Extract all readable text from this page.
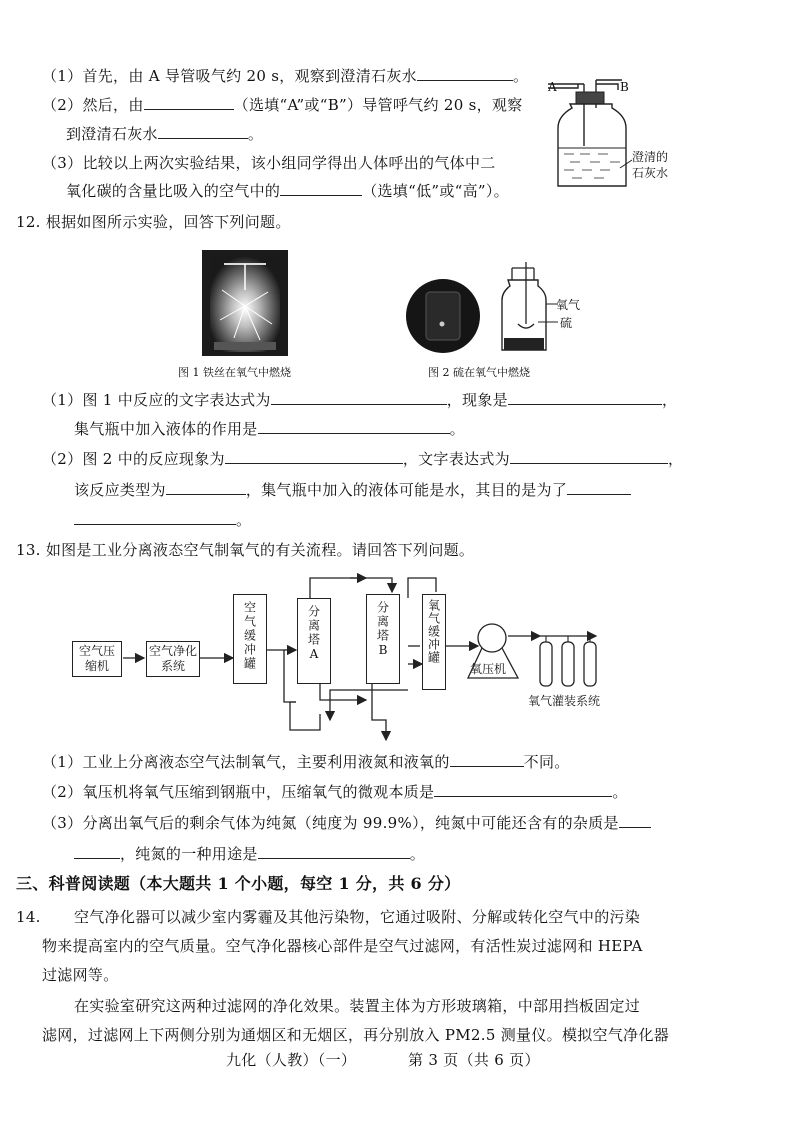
（1）首先，由 A 导管吸气约 20 s，观察到澄清石灰水	。
（2）然后，由	（选填“A”或“B”）导管呼气约 20 s，观察
到澄清石灰水	。
（3）比较以上两次实验结果，该小组同学得出人体呼出的气体中二
氧化碳的含量比吸入的空气中的	（选填“低”或“高”）。
A	B
澄清的
石灰水
12. 根据如图所示实验，回答下列问题。
图 1 铁丝在氧气中燃烧
氧气
硫
图 2 硫在氧气中燃烧
（1）图 1 中反应的文字表达式为	，现象是	，
集气瓶中加入液体的作用是	。
（2）图 2 中的反应现象为	，文字表达式为	，
该反应类型为	，集气瓶中加入的液体可能是水，其目的是为了
。
13. 如图是工业分离液态空气制氧气的有关流程。请回答下列问题。
空气压缩机
空气净化系统	空气缓冲罐	分离塔
A
分离塔
B	氧气缓冲罐
氧压机
氧气灌装系统
（1）工业上分离液态空气法制氧气，主要利用液氮和液氧的	不同。
（2）氧压机将氧气压缩到钢瓶中，压缩氧气的微观本质是	。
（3）分离出氧气后的剩余气体为纯氮（纯度为 99.9%），纯氮中可能还含有的杂质是
，纯氮的一种用途是	。
三、科普阅读题（本大题共 1 个小题，每空 1 分，共 6 分）
14. 空气净化器可以减少室内雾霾及其他污染物，它通过吸附、分解或转化空气中的污染
物来提高室内的空气质量。空气净化器核心部件是空气过滤网，有活性炭过滤网和 HEPA
过滤网等。
在实验室研究这两种过滤网的净化效果。装置主体为方形玻璃箱，中部用挡板固定过
滤网，过滤网上下两侧分别为通烟区和无烟区，再分别放入 PM2.5 测量仪。模拟空气净化器
九化（人教）（一）	第 3 页（共 6 页）
